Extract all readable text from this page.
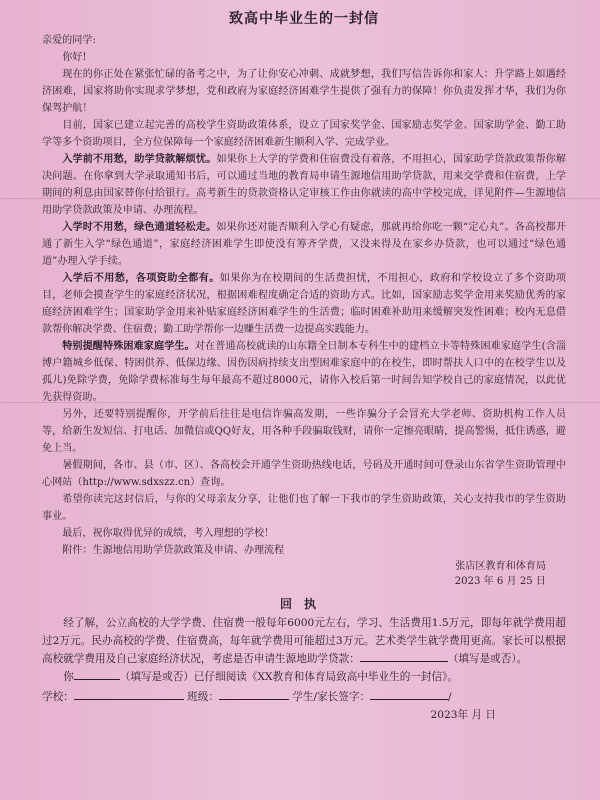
致高中毕业生的一封信

亲爱的同学:

你好!

现在的你正处在紧张忙碌的备考之中，为了让你安心冲刺、成就梦想，我们写信告诉你和家人：升学路上如遇经济困难，国家将助你实现求学梦想，党和政府为家庭经济困难学生提供了强有力的保障！你负责发挥才华，我们为你保驾护航！

目前，国家已建立起完善的高校学生资助政策体系，设立了国家奖学金、国家励志奖学金、国家助学金、勤工助学等多个资助项目，全方位保障每一个家庭经济困难新生顺利入学、完成学业。

入学前不用愁，助学贷款解烦忧。如果你上大学的学费和住宿费没有着落，不用担心，国家助学贷款政策帮你解决问题。在你拿到大学录取通知书后，可以通过当地的教育局申请生源地信用助学贷款，用来交学费和住宿费，上学期间的利息由国家替你付给银行。高考新生的贷款资格认定审核工作由你就读的高中学校完成，详见附件—生源地信用助学贷款政策及申请、办理流程。

入学时不用愁，绿色通道轻松走。如果你还对能否顺利入学心有疑虑，那就再给你吃一颗“定心丸”。各高校都开通了新生入学“绿色通道”，家庭经济困难学生即使没有筹齐学费，又没来得及在家乡办贷款，也可以通过“绿色通道”办理入学手续。

入学后不用愁，各项资助全都有。如果你为在校期间的生活费担忧，不用担心，政府和学校设立了多个资助项目，老师会摸查学生的家庭经济状况，根据困难程度确定合适的资助方式。比如，国家励志奖学金用来奖励优秀的家庭经济困难学生；国家助学金用来补贴家庭经济困难学生的生活费；临时困难补助用来缓解突发性困难；校内无息借款帮你解决学费、住宿费；勤工助学帮你一边赚生活费一边提高实践能力。

特别提醒特殊困难家庭学生。对在普通高校就读的山东籍全日制本专科生中的建档立卡等特殊困难家庭学生(含淄博户籍城乡低保、特困供养、低保边缘、因伤因病持续支出型困难家庭中的在校生，即时帮扶人口中的在校学生以及孤儿)免除学费，免除学费标准每生每年最高不超过8000元，请你入校后第一时间告知学校自己的家庭情况，以此优先获得资助。

另外，还要特别提醒你，开学前后往往是电信诈骗高发期，一些诈骗分子会冒充大学老师、资助机构工作人员等，给新生发短信、打电话、加微信或QQ好友，用各种手段骗取钱财，请你一定擦亮眼睛，提高警惕，抵住诱惑，避免上当。

暑假期间，各市、县（市、区）、各高校会开通学生资助热线电话，号码及开通时间可登录山东省学生资助管理中心网站（http://www.sdxszz.cn）查询。

希望你读完这封信后，与你的父母亲友分享，让他们也了解一下我市的学生资助政策，关心支持我市的学生资助事业。

最后，祝你取得优异的成绩，考入理想的学校！

附件：生源地信用助学贷款政策及申请、办理流程

张店区教育和体育局
2023 年 6 月 25 日
回执

经了解，公立高校的大学学费、住宿费一般每年6000元左右，学习、生活费用1.5万元，即每年就学费用超过2万元。民办高校的学费、住宿费高，每年就学费用可能超过3万元。艺术类学生就学费用更高。家长可以根据高校就学费用及自己家庭经济状况，考虑是否申请生源地助学贷款：	（填写是或否）。

你	（填写是或否）已仔细阅读《XX教育和体育局致高中毕业生的一封信》。

学校：	班级：	学生/家长签字：	/
2023年 月 日
